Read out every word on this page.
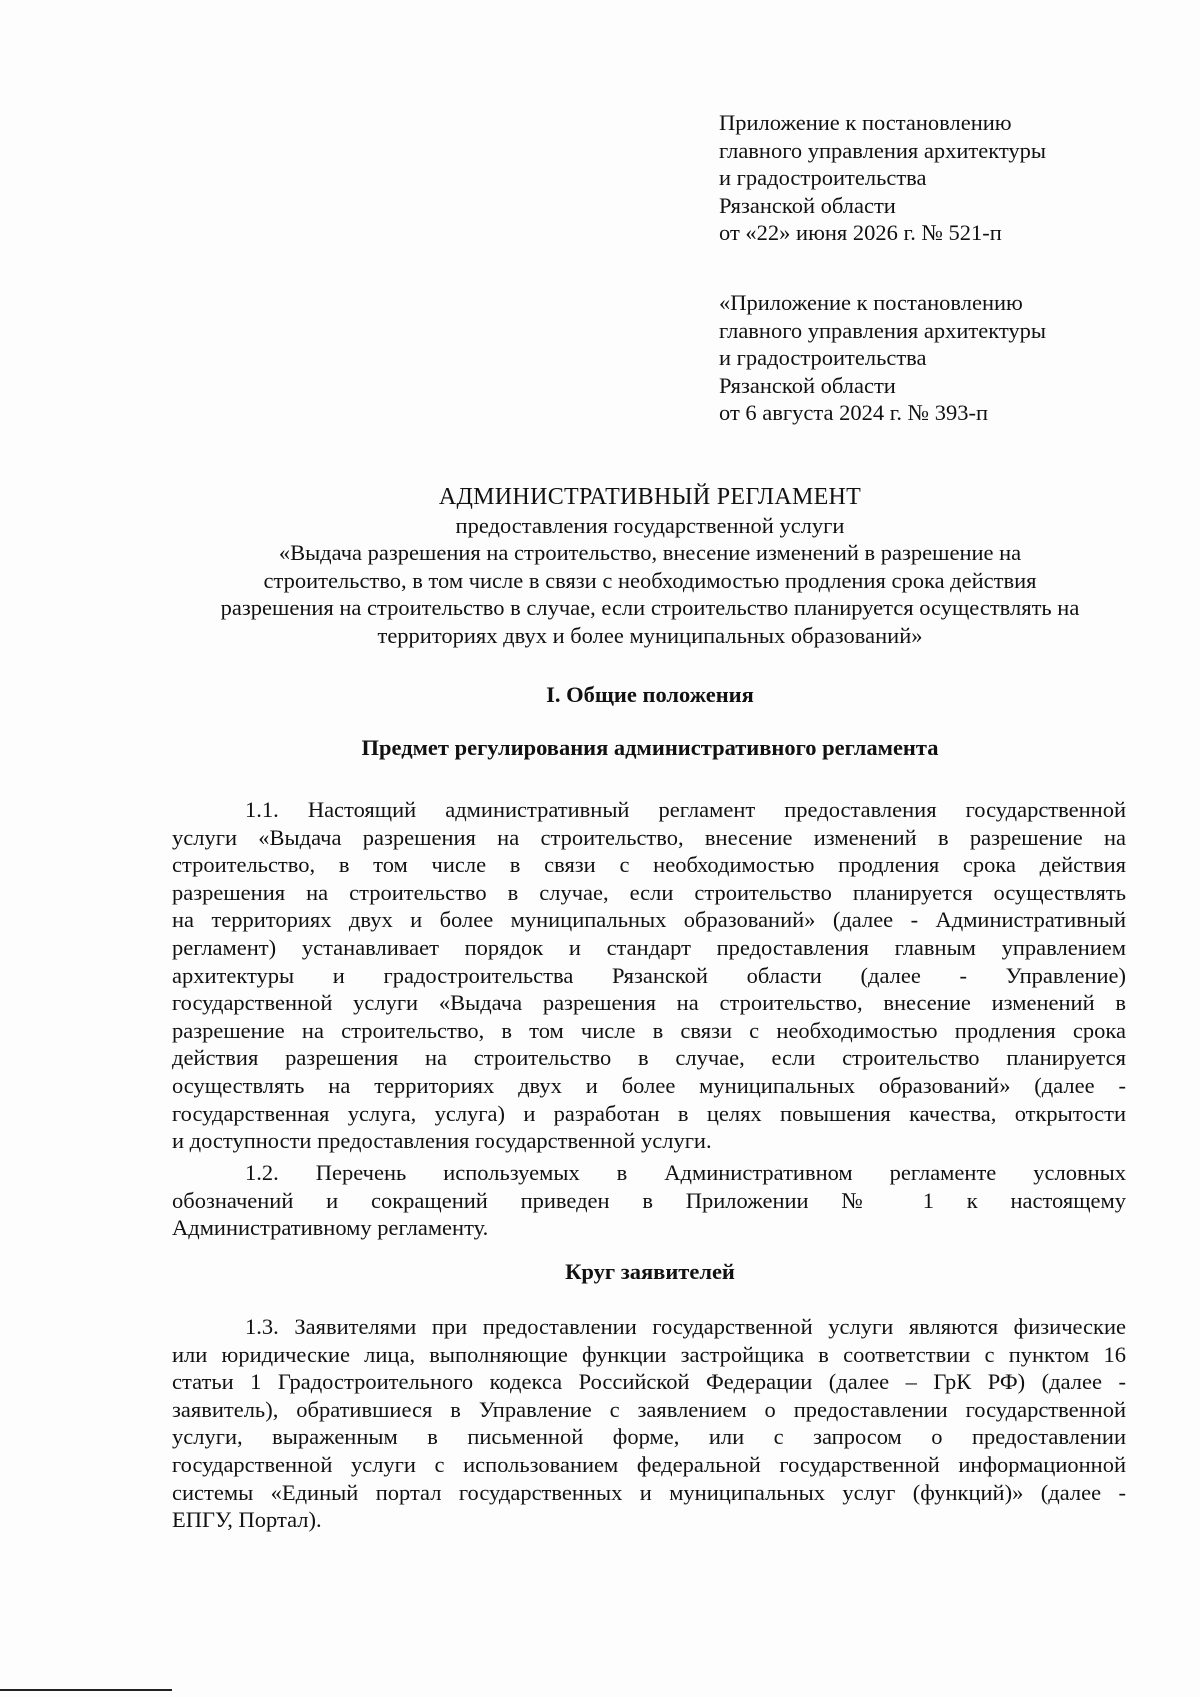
Приложение к постановлению
главного управления архитектуры
и градостроительства
Рязанской области
от «22» июня 2026 г. № 521-п
«Приложение к постановлению
главного управления архитектуры
и градостроительства
Рязанской области
от 6 августа 2024 г. № 393-п
АДМИНИСТРАТИВНЫЙ РЕГЛАМЕНТ
предоставления государственной услуги
«Выдача разрешения на строительство, внесение изменений в разрешение на
строительство, в том числе в связи с необходимостью продления срока действия
разрешения на строительство в случае, если строительство планируется осуществлять на
территориях двух и более муниципальных образований»
I. Общие положения
Предмет регулирования административного регламента
1.1. Настоящий административный регламент предоставления государственной
услуги «Выдача разрешения на строительство, внесение изменений в разрешение на
строительство, в том числе в связи с необходимостью продления срока действия
разрешения на строительство в случае, если строительство планируется осуществлять
на территориях двух и более муниципальных образований» (далее - Административный
регламент) устанавливает порядок и стандарт предоставления главным управлением
архитектуры и градостроительства Рязанской области (далее - Управление)
государственной услуги «Выдача разрешения на строительство, внесение изменений в
разрешение на строительство, в том числе в связи с необходимостью продления срока
действия разрешения на строительство в случае, если строительство планируется
осуществлять на территориях двух и более муниципальных образований» (далее -
государственная услуга, услуга) и разработан в целях повышения качества, открытости
и доступности предоставления государственной услуги.
1.2. Перечень используемых в Административном регламенте условных
обозначений и сокращений приведен в Приложении № 1 к настоящему
Административному регламенту.
Круг заявителей
1.3. Заявителями при предоставлении государственной услуги являются физические
или юридические лица, выполняющие функции застройщика в соответствии с пунктом 16
статьи 1 Градостроительного кодекса Российской Федерации (далее – ГрК РФ) (далее -
заявитель), обратившиеся в Управление с заявлением о предоставлении государственной
услуги, выраженным в письменной форме, или с запросом о предоставлении
государственной услуги с использованием федеральной государственной информационной
системы «Единый портал государственных и муниципальных услуг (функций)» (далее -
ЕПГУ, Портал).
